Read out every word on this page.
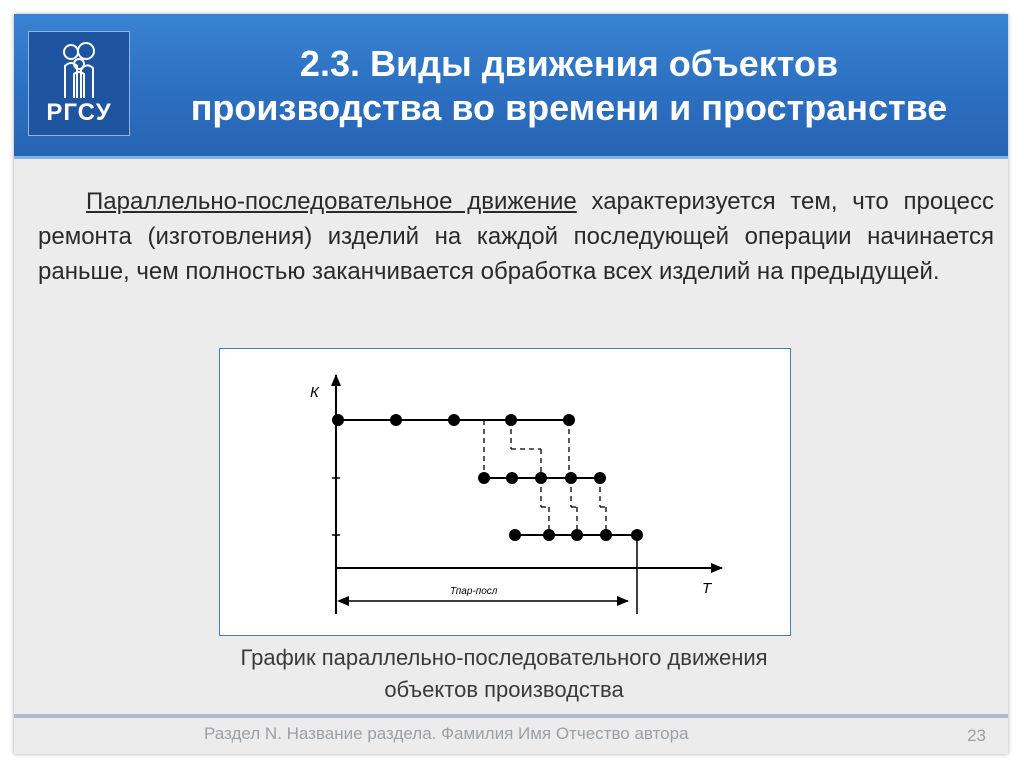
РГСУ
2.3. Виды движения объектов
производства во времени и пространстве
Параллельно-последовательное движение характеризуется тем, что процесс ремонта (изготовления) изделий на каждой последующей операции начинается раньше, чем полностью заканчивается обработка всех изделий на предыдущей.
К
Т
Тпар-посл
График параллельно-последовательного движения
объектов производства
Раздел N. Название раздела. Фамилия Имя Отчество автора	23
